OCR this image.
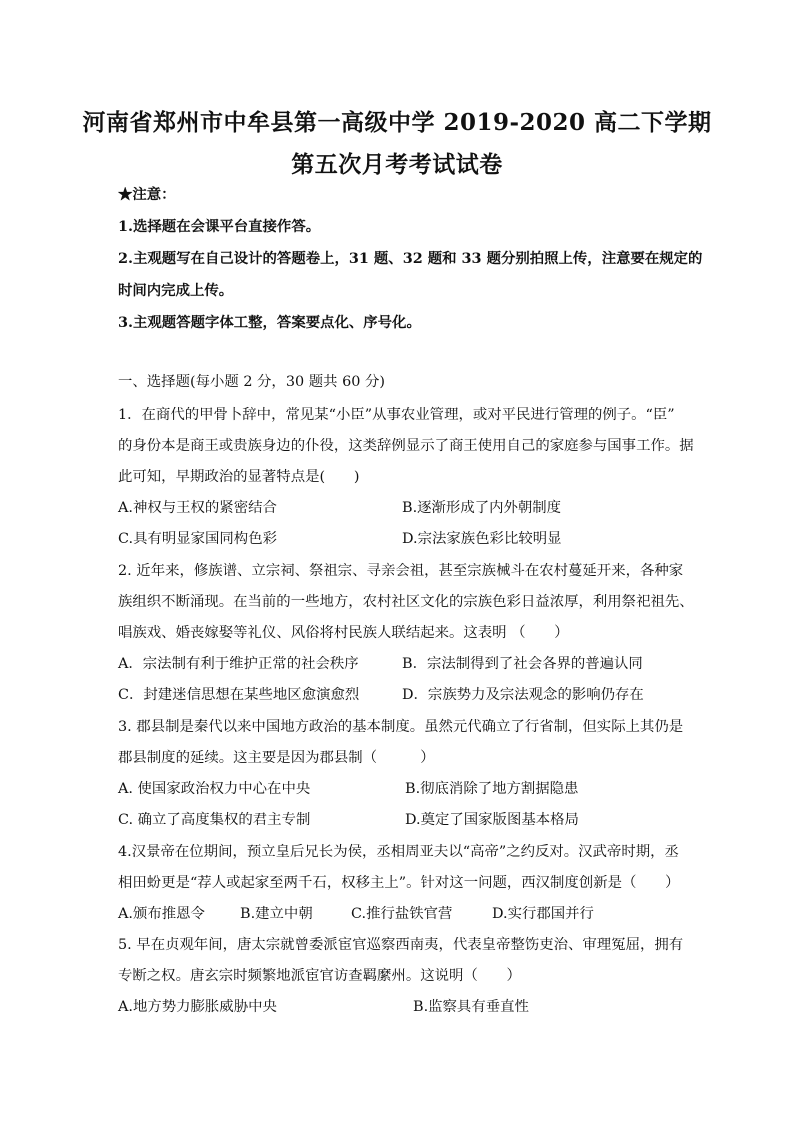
河南省郑州市中牟县第一高级中学 2019-2020 高二下学期
第五次月考考试试卷
★注意：
1.选择题在会课平台直接作答。
2.主观题写在自己设计的答题卷上，31 题、32 题和 33 题分别拍照上传，注意要在规定的
时间内完成上传。
3.主观题答题字体工整，答案要点化、序号化。
一、选择题(每小题 2 分，30 题共 60 分)
1．在商代的甲骨卜辞中，常见某“小臣”从事农业管理，或对平民进行管理的例子。“臣”
的身份本是商王或贵族身边的仆役，这类辞例显示了商王使用自己的家庭参与国事工作。据
此可知，早期政治的显著特点是(　　)
A.神权与王权的紧密结合	B.逐渐形成了内外朝制度
C.具有明显家国同构色彩	D.宗法家族色彩比较明显
2. 近年来，修族谱、立宗祠、祭祖宗、寻亲会祖，甚至宗族械斗在农村蔓延开来，各种家
族组织不断涌现。在当前的一些地方，农村社区文化的宗族色彩日益浓厚，利用祭祀祖先、
唱族戏、婚丧嫁娶等礼仪、风俗将村民族人联结起来。这表明 （　　）
A．宗法制有利于维护正常的社会秩序	B．宗法制得到了社会各界的普遍认同
C．封建迷信思想在某些地区愈演愈烈	D．宗族势力及宗法观念的影响仍存在
3. 郡县制是秦代以来中国地方政治的基本制度。虽然元代确立了行省制，但实际上其仍是
郡县制度的延续。这主要是因为郡县制（　　　）
A. 使国家政治权力中心在中央	B.彻底消除了地方割据隐患
C. 确立了高度集权的君主专制	D.奠定了国家版图基本格局
4.汉景帝在位期间，预立皇后兄长为侯，丞相周亚夫以“高帝”之约反对。汉武帝时期，丞
相田蚡更是“荐人或起家至两千石，权移主上”。针对这一问题，西汉制度创新是（　　）
A.颁布推恩令 B.建立中朝	C.推行盐铁官营	D.实行郡国并行
5. 早在贞观年间，唐太宗就曾委派宦官巡察西南夷，代表皇帝整饬吏治、审理冤屈，拥有
专断之权。唐玄宗时频繁地派宦官访查羁縻州。这说明（　　）
A.地方势力膨胀威胁中央	B.监察具有垂直性
